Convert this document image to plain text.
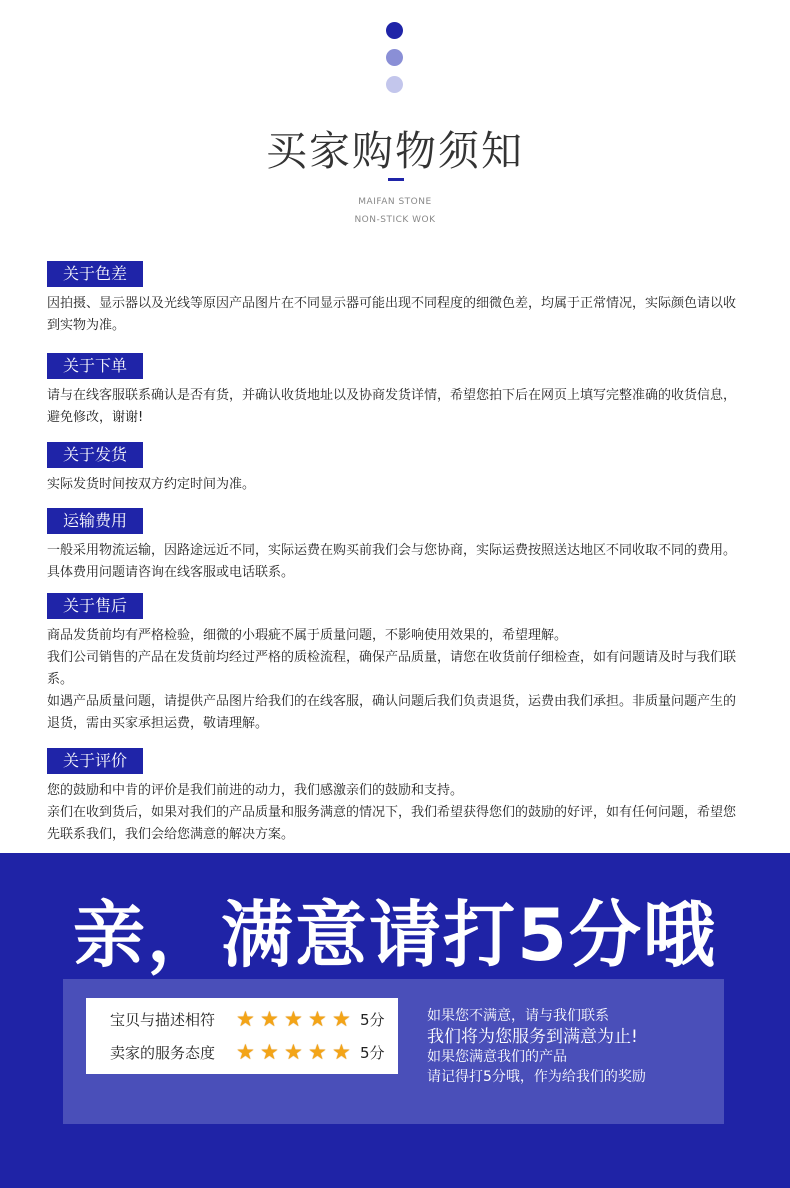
买家购物须知
MAIFAN STONE
NON-STICK WOK
关于色差

因拍摄、显示器以及光线等原因产品图片在不同显示器可能出现不同程度的细微色差，均属于正常情况，实际颜色请以收到实物为准。

关于下单

请与在线客服联系确认是否有货，并确认收货地址以及协商发货详情，希望您拍下后在网页上填写完整准确的收货信息，避免修改，谢谢!

关于发货

实际发货时间按双方约定时间为准。

运输费用

一般采用物流运输，因路途远近不同，实际运费在购买前我们会与您协商，实际运费按照送达地区不同收取不同的费用。具体费用问题请咨询在线客服或电话联系。

关于售后

商品发货前均有严格检验，细微的小瑕疵不属于质量问题，不影响使用效果的，希望理解。

我们公司销售的产品在发货前均经过严格的质检流程，确保产品质量，请您在收货前仔细检查，如有问题请及时与我们联系。

如遇产品质量问题，请提供产品图片给我们的在线客服，确认问题后我们负责退货，运费由我们承担。非质量问题产生的退货，需由买家承担运费，敬请理解。

关于评价

您的鼓励和中肯的评价是我们前进的动力，我们感激亲们的鼓励和支持。

亲们在收到货后，如果对我们的产品质量和服务满意的情况下，我们希望获得您们的鼓励的好评，如有任何问题，希望您先联系我们，我们会给您满意的解决方案。

亲，满意请打5分哦
宝贝与描述相符 ★ ★ ★ ★ ★ 5分
卖家的服务态度 ★ ★ ★ ★ ★ 5分
如果您不满意，请与我们联系
我们将为您服务到满意为止!
如果您满意我们的产品
请记得打5分哦，作为给我们的奖励
